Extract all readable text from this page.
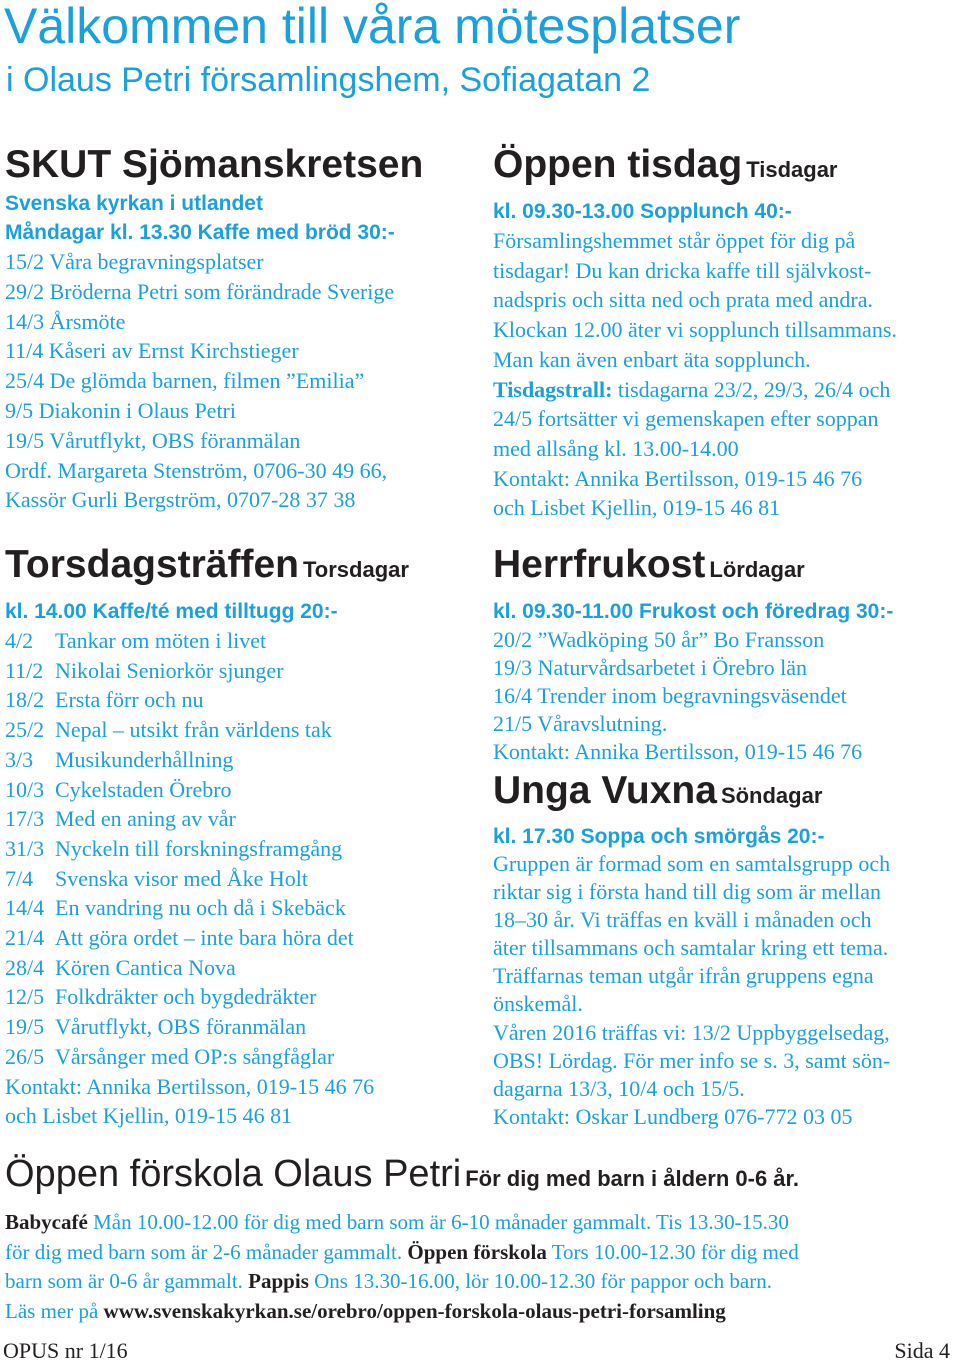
Välkommen till våra mötesplatser
i Olaus Petri församlingshem, Sofiagatan 2
SKUT Sjömanskretsen
Svenska kyrkan i utlandet
Måndagar kl. 13.30 Kaffe med bröd 30:-
15/2 Våra begravningsplatser
29/2 Bröderna Petri som förändrade Sverige
14/3 Årsmöte
11/4 Kåseri av Ernst Kirchstieger
25/4 De glömda barnen, filmen ”Emilia”
9/5 Diakonin i Olaus Petri
19/5 Vårutflykt, OBS föranmälan
Ordf. Margareta Stenström, 0706-30 49 66,
Kassör Gurli Bergström, 0707-28 37 38
Torsdagsträffen Torsdagar
kl. 14.00 Kaffe/té med tilltugg 20:-
4/2 Tankar om möten i livet
11/2 Nikolai Seniorkör sjunger
18/2 Ersta förr och nu
25/2 Nepal – utsikt från världens tak
3/3 Musikunderhållning
10/3 Cykelstaden Örebro
17/3 Med en aning av vår
31/3 Nyckeln till forskningsframgång
7/4 Svenska visor med Åke Holt
14/4 En vandring nu och då i Skebäck
21/4 Att göra ordet – inte bara höra det
28/4 Kören Cantica Nova
12/5 Folkdräkter och bygdedräkter
19/5 Vårutflykt, OBS föranmälan
26/5 Vårsånger med OP:s sångfåglar
Kontakt: Annika Bertilsson, 019-15 46 76
och Lisbet Kjellin, 019-15 46 81
Öppen tisdag Tisdagar
kl. 09.30-13.00 Sopplunch 40:-
Församlingshemmet står öppet för dig på
tisdagar! Du kan dricka kaffe till självkost-
nadspris och sitta ned och prata med andra.
Klockan 12.00 äter vi sopplunch tillsammans.
Man kan även enbart äta sopplunch.
Tisdagstrall: tisdagarna 23/2, 29/3, 26/4 och
24/5 fortsätter vi gemenskapen efter soppan
med allsång kl. 13.00-14.00
Kontakt: Annika Bertilsson, 019-15 46 76
och Lisbet Kjellin, 019-15 46 81
Herrfrukost Lördagar
kl. 09.30-11.00 Frukost och föredrag 30:-
20/2 ”Wadköping 50 år” Bo Fransson
19/3 Naturvårdsarbetet i Örebro län
16/4 Trender inom begravningsväsendet
21/5 Våravslutning.
Kontakt: Annika Bertilsson, 019-15 46 76
Unga Vuxna Söndagar
kl. 17.30 Soppa och smörgås 20:-
Gruppen är formad som en samtalsgrupp och
riktar sig i första hand till dig som är mellan
18–30 år. Vi träffas en kväll i månaden och
äter tillsammans och samtalar kring ett tema.
Träffarnas teman utgår ifrån gruppens egna
önskemål.
Våren 2016 träffas vi: 13/2 Uppbyggelsedag,
OBS! Lördag. För mer info se s. 3, samt sön-
dagarna 13/3, 10/4 och 15/5.
Kontakt: Oskar Lundberg 076-772 03 05
Öppen förskola Olaus Petri För dig med barn i åldern 0-6 år.
Babycafé Mån 10.00-12.00 för dig med barn som är 6-10 månader gammalt. Tis 13.30-15.30
för dig med barn som är 2-6 månader gammalt. Öppen förskola Tors 10.00-12.30 för dig med
barn som är 0-6 år gammalt. Pappis Ons 13.30-16.00, lör 10.00-12.30 för pappor och barn.
Läs mer på www.svenskakyrkan.se/orebro/oppen-forskola-olaus-petri-forsamling
OPUS nr 1/16	Sida 4
